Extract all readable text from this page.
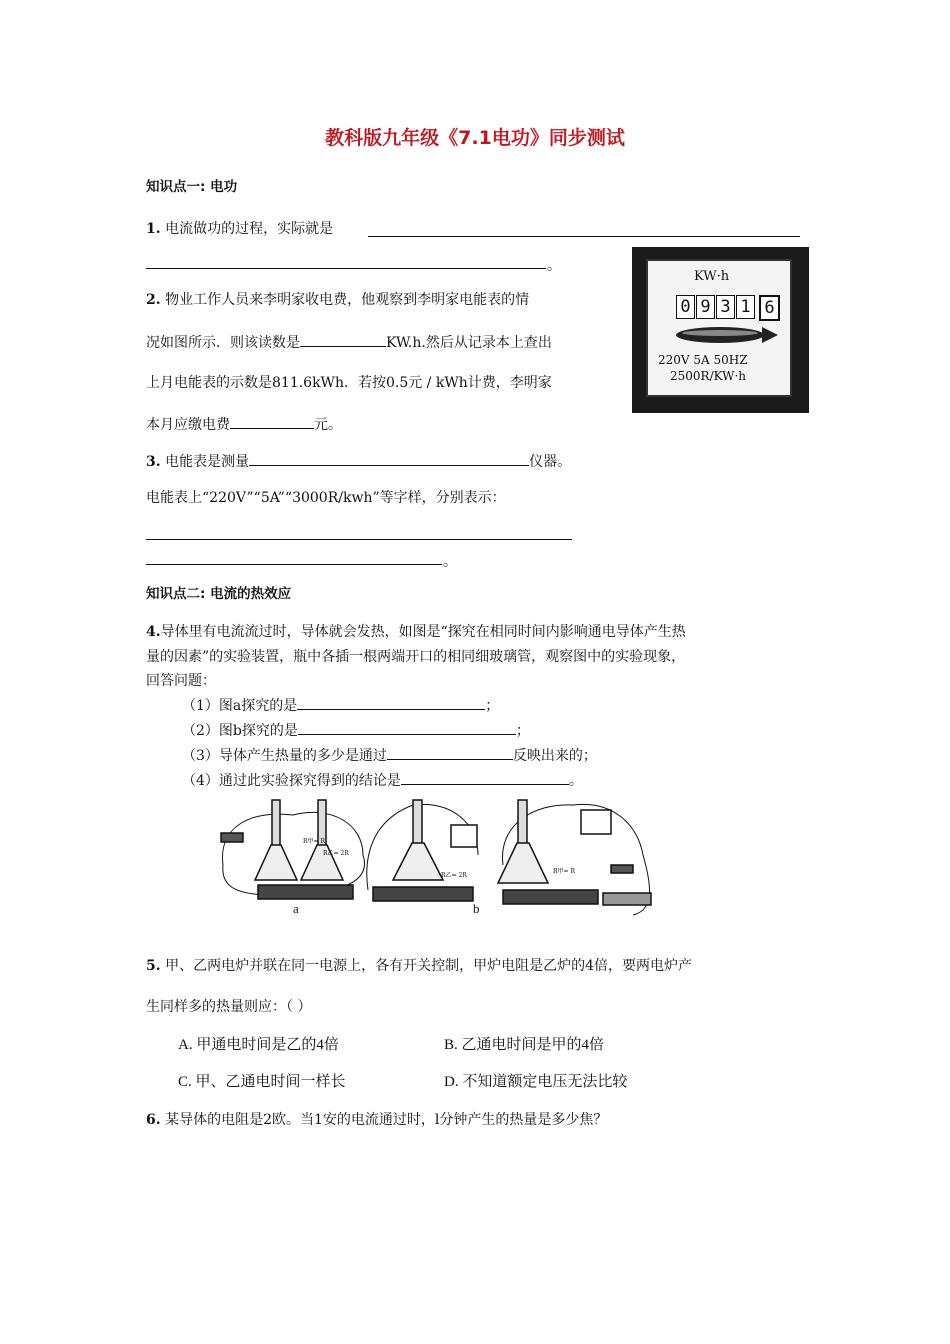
教科版九年级《7.1电功》同步测试
知识点一: 电功
1. 电流做功的过程，实际就是
。
KW·h
0 9 3 1 6
220V 5A 50HZ
2500R/KW·h
2. 物业工作人员来李明家收电费，他观察到李明家电能表的情
况如图所示．则该读数是	KW.h.然后从记录本上查出
上月电能表的示数是811.6kWh．若按0.5元 / kWh计费，李明家
本月应缴电费	元。
3. 电能表是测量	仪器。
电能表上“220V”“5A”“3000R/kwh”等字样，分别表示：
。
知识点二: 电流的热效应
4.导体里有电流流过时，导体就会发热，如图是“探究在相同时间内影响通电导体产生热
量的因素”的实验装置，瓶中各插一根两端开口的相同细玻璃管，观察图中的实验现象，
回答问题：
（1）图a探究的是	；
（2）图b探究的是	；
（3）导体产生热量的多少是通过	反映出来的；
（4）通过此实验探究得到的结论是	。
R甲= R
R乙= 2R
R乙= 2R
R甲= R
a	b
5. 甲、乙两电炉并联在同一电源上，各有开关控制，甲炉电阻是乙炉的4倍，要两电炉产
生同样多的热量则应：（ ）
A. 甲通电时间是乙的4倍	B. 乙通电时间是甲的4倍
C. 甲、乙通电时间一样长	D. 不知道额定电压无法比较
6. 某导体的电阻是2欧。当1安的电流通过时，l分钟产生的热量是多少焦？
